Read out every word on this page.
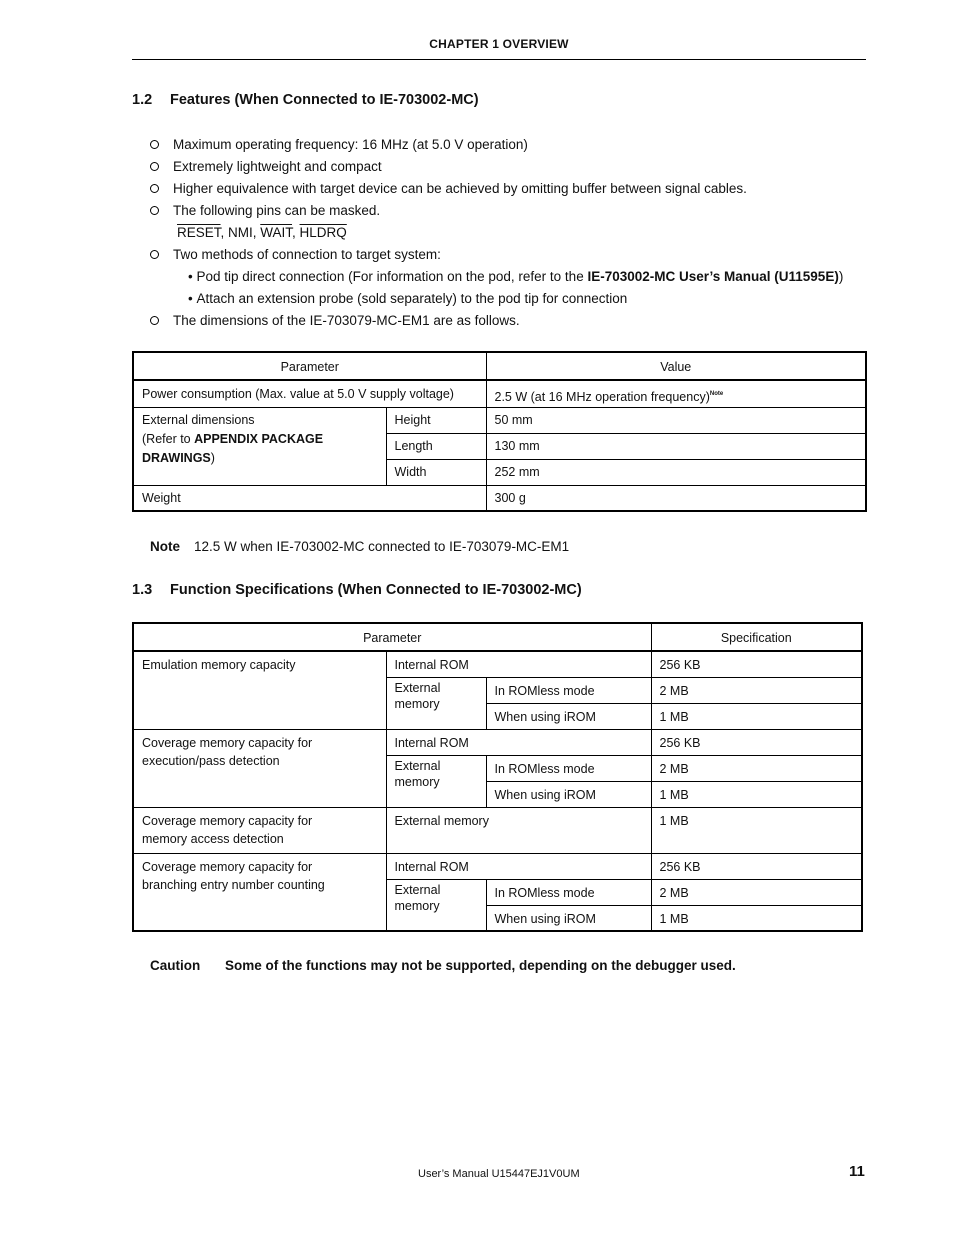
CHAPTER 1 OVERVIEW
1.2 Features (When Connected to IE-703002-MC)
Maximum operating frequency: 16 MHz (at 5.0 V operation)
Extremely lightweight and compact
Higher equivalence with target device can be achieved by omitting buffer between signal cables.
The following pins can be masked.
RESET, NMI, WAIT, HLDRQ
Two methods of connection to target system:
• Pod tip direct connection (For information on the pod, refer to the IE-703002-MC User’s Manual (U11595E))
• Attach an extension probe (sold separately) to the pod tip for connection
The dimensions of the IE-703079-MC-EM1 are as follows.
Parameter		Value
Power consumption (Max. value at 5.0 V supply voltage)		2.5 W (at 16 MHz operation frequency)$^{Note}$
External dimensions
(Refer to APPENDIX PACKAGE
DRAWINGS)	Height	50 mm
	Length	130 mm
	Width	252 mm
Weight		300 g
Note 12.5 W when IE-703002-MC connected to IE-703079-MC-EM1
1.3 Function Specifications (When Connected to IE-703002-MC)
Parameter			Specification
Emulation memory capacity	Internal ROM		256 KB
	External
memory	In ROMless mode	2 MB
		When using iROM	1 MB
Coverage memory capacity for
execution/pass detection	Internal ROM		256 KB
	External
memory	In ROMless mode	2 MB
		When using iROM	1 MB
Coverage memory capacity for
memory access detection	External memory		1 MB
Coverage memory capacity for
branching entry number counting	Internal ROM		256 KB
	External
memory	In ROMless mode	2 MB
		When using iROM	1 MB
Caution Some of the functions may not be supported, depending on the debugger used.
User’s Manual U15447EJ1V0UM	11
